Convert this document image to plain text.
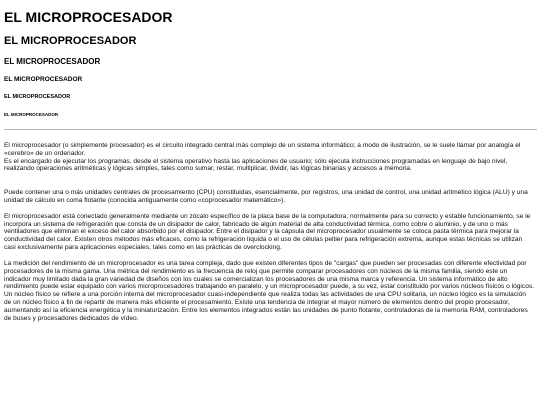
EL MICROPROCESADOR
EL MICROPROCESADOR
EL MICROPROCESADOR
EL MICROPROCESADOR
EL MICROPROCESADOR
EL MICROPROCESADOR

El microprocesador (o simplemente procesador) es el circuito integrado central más complejo de un sistema informático; a modo de ilustración, se le suele llamar por analogía el «cerebro» de un ordenador.

Es el encargado de ejecutar los programas, desde el sistema operativo hasta las aplicaciones de usuario; sólo ejecuta instrucciones programadas en lenguaje de bajo nivel, realizando operaciones aritméticas y lógicas simples, tales como sumar, restar, multiplicar, dividir, las lógicas binarias y accesos a memoria.

Puede contener una o más unidades centrales de procesamiento (CPU) constituidas, esencialmente, por registros, una unidad de control, una unidad aritmético lógica (ALU) y una unidad de cálculo en coma flotante (conocida antiguamente como «coprocesador matemático»).

El microprocesador está conectado generalmente mediante un zócalo específico de la placa base de la computadora; normalmente para su correcto y estable funcionamiento, se le incorpora un sistema de refrigeración que consta de un disipador de calor, fabricado de algún material de alta conductividad térmica, como cobre o aluminio, y de uno o más ventiladores que eliminan el exceso del calor absorbido por el disipador. Entre el disipador y la cápsula del microprocesador usualmente se coloca pasta térmica para mejorar la conductividad del calor. Existen otros métodos más eficaces, como la refrigeración líquida o el uso de células peltier para refrigeración extrema, aunque estas técnicas se utilizan casi exclusivamente para aplicaciones especiales, tales como en las prácticas de overclocking.

La medición del rendimiento de un microprocesador es una tarea compleja, dado que existen diferentes tipos de "cargas" que pueden ser procesadas con diferente efectividad por procesadores de la misma gama. Una métrica del rendimiento es la frecuencia de reloj que permite comparar procesadores con núcleos de la misma familia, siendo este un indicador muy limitado dada la gran variedad de diseños con los cuales se comercializan los procesadores de una misma marca y referencia. Un sistema informático de alto rendimiento puede estar equipado con varios microprocesadores trabajando en paralelo, y un microprocesador puede, a su vez, estar constituido por varios núcleos físicos o lógicos. Un núcleo físico se refiere a una porción interna del microprocesador cuasi-independiente que realiza todas las actividades de una CPU solitaria, un núcleo lógico es la simulación de un núcleo físico a fin de repartir de manera más eficiente el procesamiento. Existe una tendencia de integrar el mayor número de elementos dentro del propio procesador, aumentando así la eficiencia energética y la miniaturización. Entre los elementos integrados están las unidades de punto flotante, controladoras de la memoria RAM, controladores de buses y procesadores dedicados de vídeo.
